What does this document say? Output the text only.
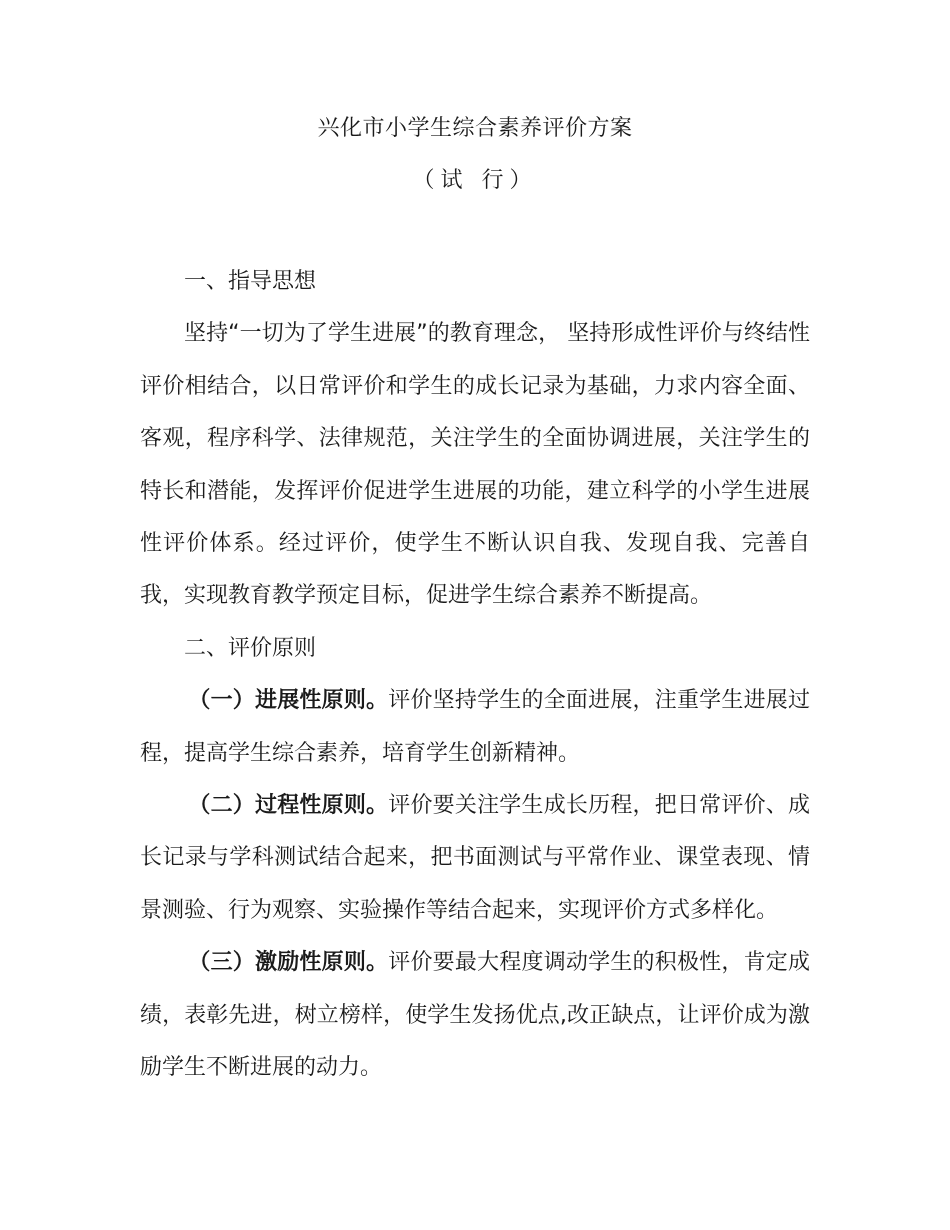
兴化市小学生综合素养评价方案
（试 行）

一、指导思想

坚持“一切为了学生进展”的教育理念， 坚持形成性评价与终结性评价相结合，以日常评价和学生的成长记录为基础，力求内容全面、客观，程序科学、法律规范，关注学生的全面协调进展，关注学生的特长和潜能，发挥评价促进学生进展的功能，建立科学的小学生进展性评价体系。经过评价，使学生不断认识自我、发现自我、完善自我，实现教育教学预定目标，促进学生综合素养不断提高。

二、评价原则

（一）进展性原则。评价坚持学生的全面进展，注重学生进展过程，提高学生综合素养，培育学生创新精神。

（二）过程性原则。评价要关注学生成长历程，把日常评价、成长记录与学科测试结合起来，把书面测试与平常作业、课堂表现、情景测验、行为观察、实验操作等结合起来，实现评价方式多样化。

（三）激励性原则。评价要最大程度调动学生的积极性，肯定成绩，表彰先进，树立榜样，使学生发扬优点,改正缺点，让评价成为激励学生不断进展的动力。
